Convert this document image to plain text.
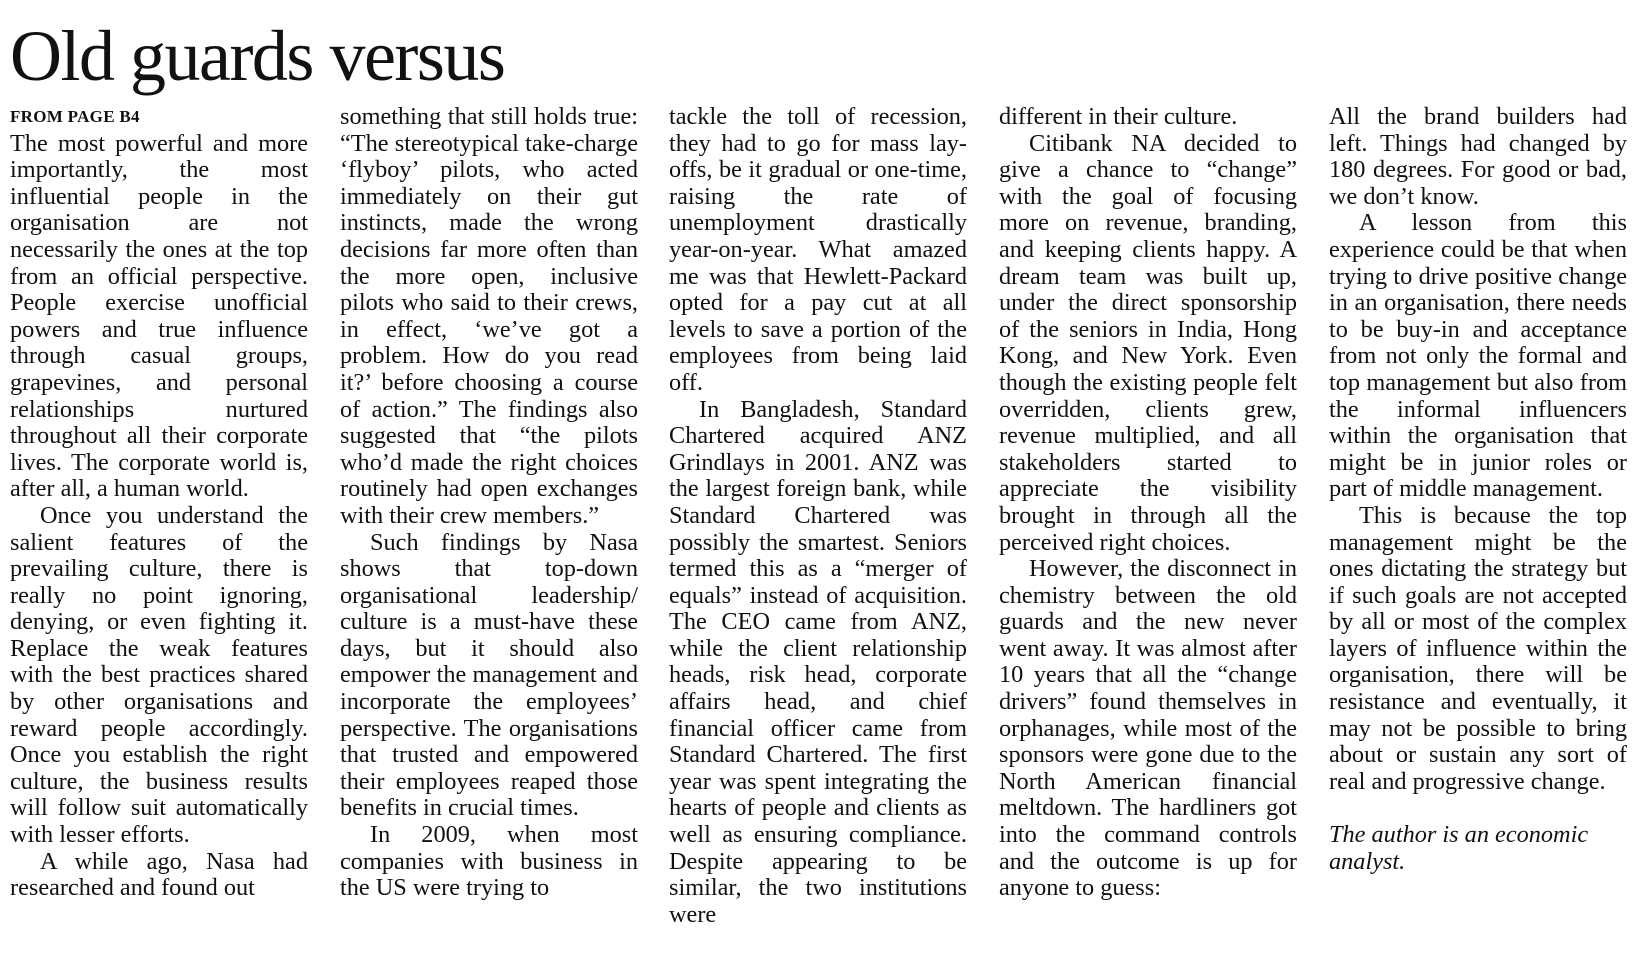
Old guards versus
FROM PAGE B4

The most powerful and more importantly, the most influential people in the organisation are not necessarily the ones at the top from an official perspective. People exercise unofficial powers and true influence through casual groups, grapevines, and personal relationships nurtured throughout all their corporate lives. The corporate world is, after all, a human world.

Once you understand the salient features of the prevailing culture, there is really no point ignoring, denying, or even fighting it. Replace the weak features with the best practices shared by other organisations and reward people accordingly. Once you establish the right culture, the business results will follow suit automatically with lesser efforts.

A while ago, Nasa had researched and found out

something that still holds true: “The stereotypical take-charge ‘flyboy’ pilots, who acted immediately on their gut instincts, made the wrong decisions far more often than the more open, inclusive pilots who said to their crews, in effect, ‘we’ve got a problem. How do you read it?’ before choosing a course of action.” The findings also suggested that “the pilots who’d made the right choices routinely had open exchanges with their crew members.”

Such findings by Nasa shows that top-down organisational leadership/ culture is a must-have these days, but it should also empower the management and incorporate the employees’ perspective. The organisations that trusted and empowered their employees reaped those benefits in crucial times.

In 2009, when most companies with business in the US were trying to

tackle the toll of recession, they had to go for mass lay-offs, be it gradual or one-time, raising the rate of unemployment drastically year-on-year. What amazed me was that Hewlett-Packard opted for a pay cut at all levels to save a portion of the employees from being laid off.

In Bangladesh, Standard Chartered acquired ANZ Grindlays in 2001. ANZ was the largest foreign bank, while Standard Chartered was possibly the smartest. Seniors termed this as a “merger of equals” instead of acquisition. The CEO came from ANZ, while the client relationship heads, risk head, corporate affairs head, and chief financial officer came from Standard Chartered. The first year was spent integrating the hearts of people and clients as well as ensuring compliance. Despite appearing to be similar, the two institutions were

different in their culture.

Citibank NA decided to give a chance to “change” with the goal of focusing more on revenue, branding, and keeping clients happy. A dream team was built up, under the direct sponsorship of the seniors in India, Hong Kong, and New York. Even though the existing people felt overridden, clients grew, revenue multiplied, and all stakeholders started to appreciate the visibility brought in through all the perceived right choices.

However, the disconnect in chemistry between the old guards and the new never went away. It was almost after 10 years that all the “change drivers” found themselves in orphanages, while most of the sponsors were gone due to the North American financial meltdown. The hardliners got into the command controls and the outcome is up for anyone to guess:

All the brand builders had left. Things had changed by 180 degrees. For good or bad, we don’t know.

A lesson from this experience could be that when trying to drive positive change in an organisation, there needs to be buy-in and acceptance from not only the formal and top management but also from the informal influencers within the organisation that might be in junior roles or part of middle management.

This is because the top management might be the ones dictating the strategy but if such goals are not accepted by all or most of the complex layers of influence within the organisation, there will be resistance and eventually, it may not be possible to bring about or sustain any sort of real and progressive change.

The author is an economic analyst.
